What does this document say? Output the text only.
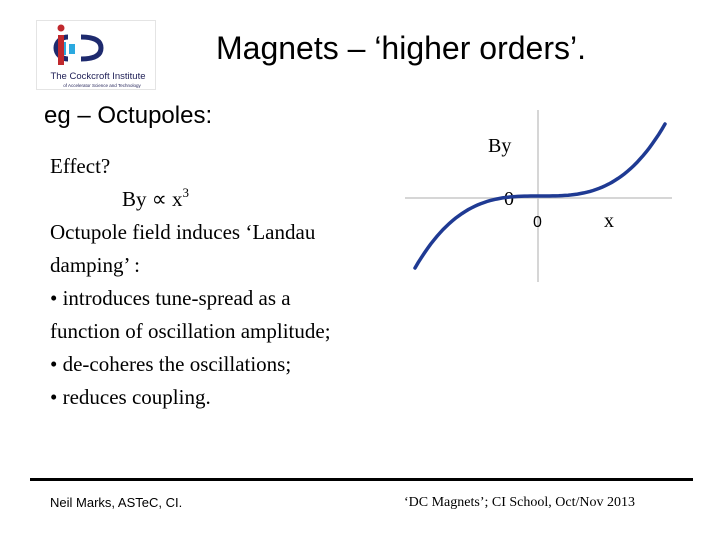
The Cockcroft Institute
of Accelerator Science and Technology
Magnets – ‘higher orders’.
eg – Octupoles:
Effect?
$By \propto x^3$
Octupole field induces ‘Landau
damping’ :
• introduces tune-spread as a
function of oscillation amplitude;
• de-coheres the oscillations;
• reduces coupling.
By
0
0	x
Neil Marks, ASTeC, CI.	‘DC Magnets’; CI School, Oct/Nov 2013
